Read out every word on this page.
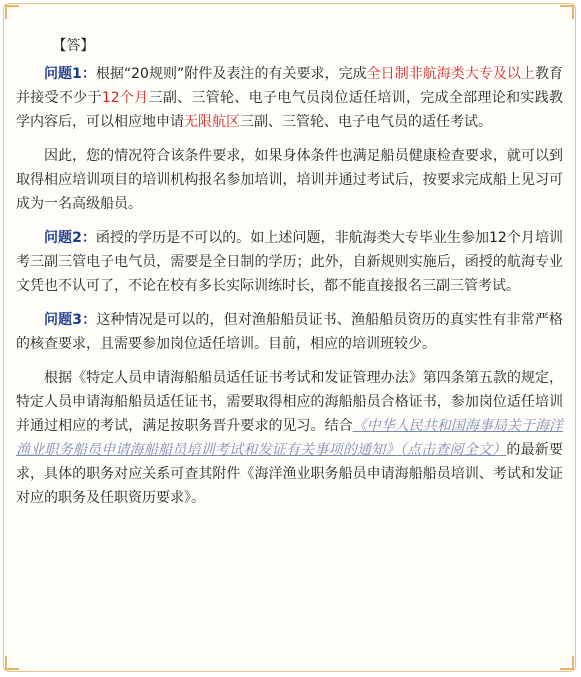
【答】

问题1：根据“20规则”附件及表注的有关要求，完成全日制非航海类大专及以上教育并接受不少于12个月三副、三管轮、电子电气员岗位适任培训，完成全部理论和实践教学内容后，可以相应地申请无限航区三副、三管轮、电子电气员的适任考试。

因此，您的情况符合该条件要求，如果身体条件也满足船员健康检查要求，就可以到取得相应培训项目的培训机构报名参加培训，培训并通过考试后，按要求完成船上见习可成为一名高级船员。

问题2：函授的学历是不可以的。如上述问题，非航海类大专毕业生参加12个月培训考三副三管电子电气员，需要是全日制的学历；此外，自新规则实施后，函授的航海专业文凭也不认可了，不论在校有多长实际训练时长，都不能直接报名三副三管考试。

问题3：这种情况是可以的，但对渔船船员证书、渔船船员资历的真实性有非常严格的核查要求，且需要参加岗位适任培训。目前，相应的培训班较少。

根据《特定人员申请海船船员适任证书考试和发证管理办法》第四条第五款的规定，特定人员申请海船船员适任证书，需要取得相应的海船船员合格证书，参加岗位适任培训并通过相应的考试，满足按职务晋升要求的见习。结合《中华人民共和国海事局关于海洋渔业职务船员申请海船船员培训考试和发证有关事项的通知》（点击查阅全文）的最新要求，具体的职务对应关系可查其附件《海洋渔业职务船员申请海船船员培训、考试和发证对应的职务及任职资历要求》。
